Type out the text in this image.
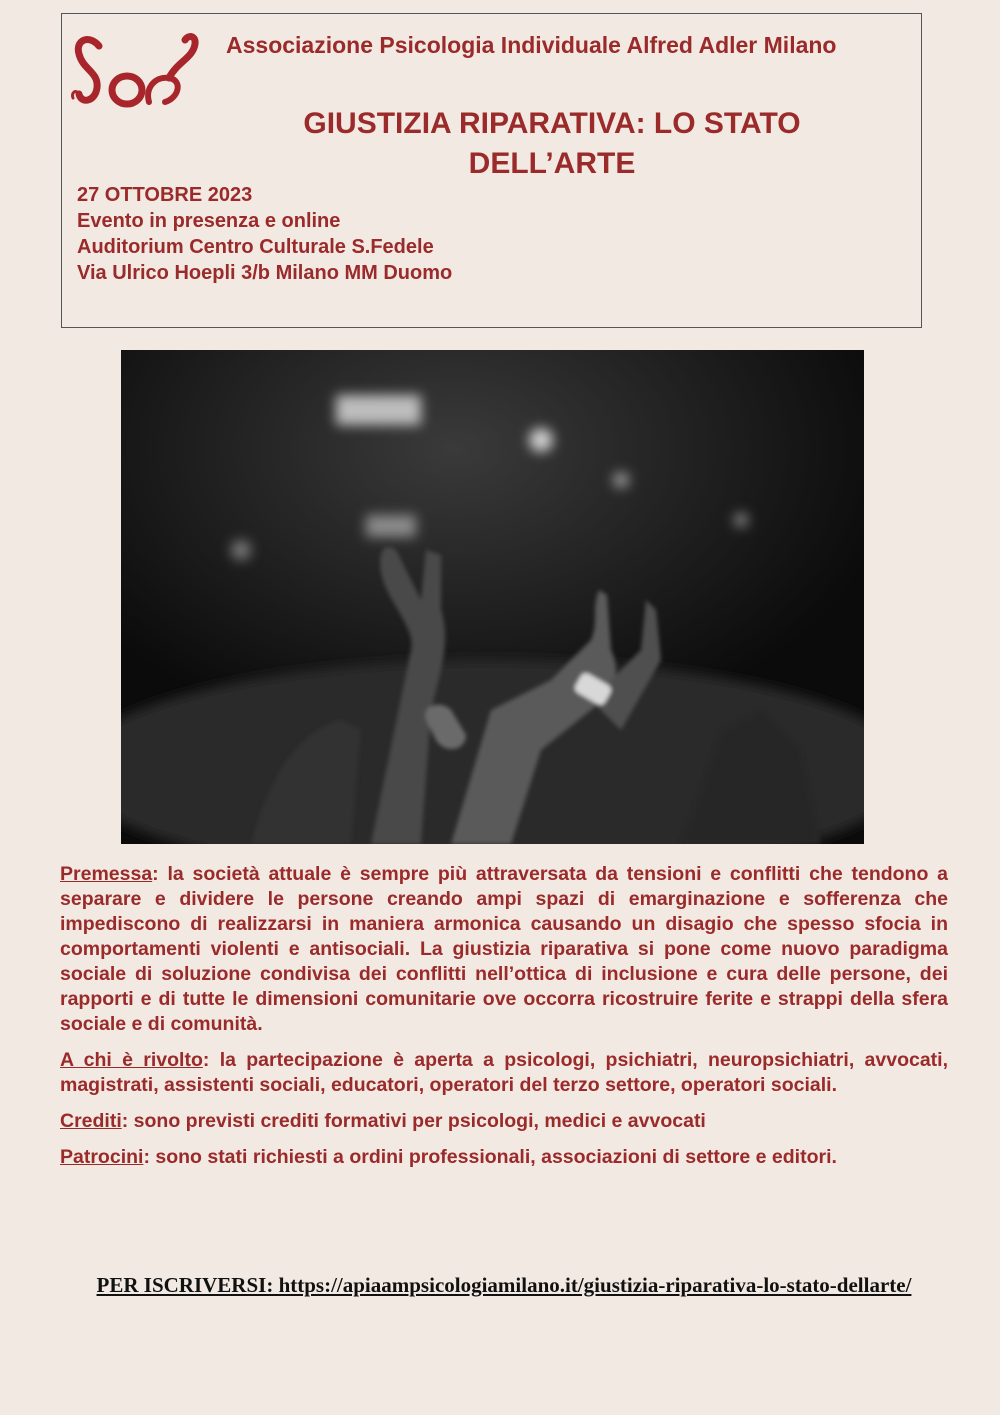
Associazione Psicologia Individuale Alfred Adler Milano
GIUSTIZIA RIPARATIVA: LO STATO DELL’ARTE
27 OTTOBRE 2023
Evento in presenza e online
Auditorium Centro Culturale S.Fedele
Via Ulrico Hoepli 3/b Milano MM Duomo

Premessa: la società attuale è sempre più attraversata da tensioni e conflitti che tendono a separare e dividere le persone creando ampi spazi di emarginazione e sofferenza che impediscono di realizzarsi in maniera armonica causando un disagio che spesso sfocia in comportamenti violenti e antisociali. La giustizia riparativa si pone come nuovo paradigma sociale di soluzione condivisa dei conflitti nell’ottica di inclusione e cura delle persone, dei rapporti e di tutte le dimensioni comunitarie ove occorra ricostruire ferite e strappi della sfera sociale e di comunità.

A chi è rivolto: la partecipazione è aperta a psicologi, psichiatri, neuropsichiatri, avvocati, magistrati, assistenti sociali, educatori, operatori del terzo settore, operatori sociali.

Crediti: sono previsti crediti formativi per psicologi, medici e avvocati

Patrocini: sono stati richiesti a ordini professionali, associazioni di settore e editori.

PER ISCRIVERSI: https://apiaampsicologiamilano.it/giustizia-riparativa-lo-stato-dellarte/
